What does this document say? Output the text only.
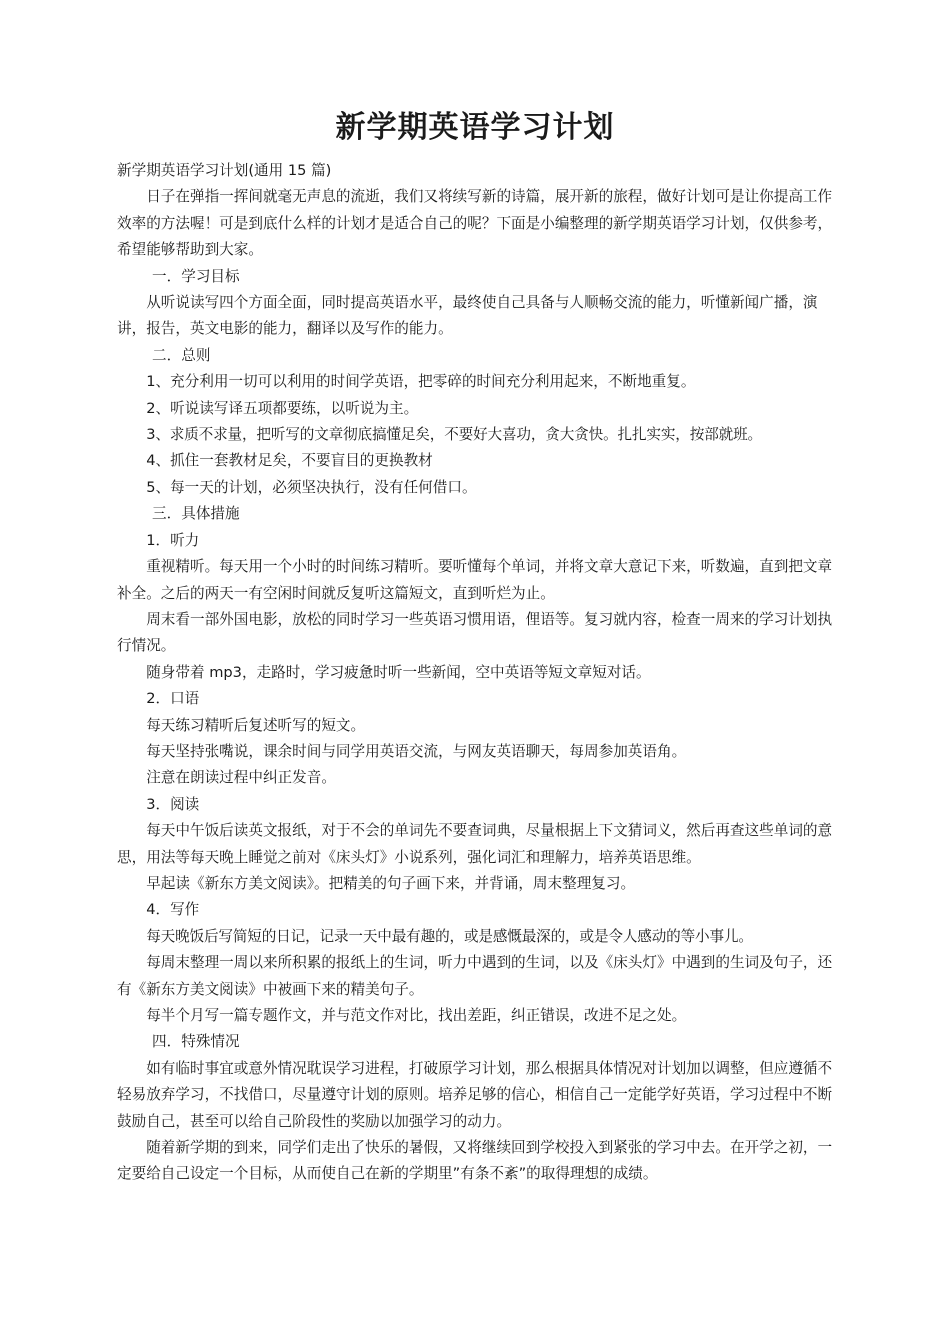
新学期英语学习计划

新学期英语学习计划(通用 15 篇)

日子在弹指一挥间就毫无声息的流逝，我们又将续写新的诗篇，展开新的旅程，做好计划可是让你提高工作效率的方法喔！可是到底什么样的计划才是适合自己的呢？下面是小编整理的新学期英语学习计划，仅供参考，希望能够帮助到大家。

一．学习目标

从听说读写四个方面全面，同时提高英语水平，最终使自己具备与人顺畅交流的能力，听懂新闻广播，演讲，报告，英文电影的能力，翻译以及写作的能力。

二．总则

1、充分利用一切可以利用的时间学英语，把零碎的时间充分利用起来，不断地重复。

2、听说读写译五项都要练，以听说为主。

3、求质不求量，把听写的文章彻底搞懂足矣，不要好大喜功，贪大贪快。扎扎实实，按部就班。

4、抓住一套教材足矣，不要盲目的更换教材

5、每一天的计划，必须坚决执行，没有任何借口。

三．具体措施

1．听力

重视精听。每天用一个小时的时间练习精听。要听懂每个单词，并将文章大意记下来，听数遍，直到把文章补全。之后的两天一有空闲时间就反复听这篇短文，直到听烂为止。

周末看一部外国电影，放松的同时学习一些英语习惯用语，俚语等。复习就内容，检查一周来的学习计划执行情况。

随身带着 mp3，走路时，学习疲惫时听一些新闻，空中英语等短文章短对话。

2．口语

每天练习精听后复述听写的短文。

每天坚持张嘴说，课余时间与同学用英语交流，与网友英语聊天，每周参加英语角。

注意在朗读过程中纠正发音。

3．阅读

每天中午饭后读英文报纸，对于不会的单词先不要查词典，尽量根据上下文猜词义，然后再查这些单词的意思，用法等每天晚上睡觉之前对《床头灯》小说系列，强化词汇和理解力，培养英语思维。

早起读《新东方美文阅读》。把精美的句子画下来，并背诵，周末整理复习。

4．写作

每天晚饭后写简短的日记，记录一天中最有趣的，或是感慨最深的，或是令人感动的等小事儿。

每周末整理一周以来所积累的报纸上的生词，听力中遇到的生词，以及《床头灯》中遇到的生词及句子，还有《新东方美文阅读》中被画下来的精美句子。

每半个月写一篇专题作文，并与范文作对比，找出差距，纠正错误，改进不足之处。

四．特殊情况

如有临时事宜或意外情况耽误学习进程，打破原学习计划，那么根据具体情况对计划加以调整，但应遵循不轻易放弃学习，不找借口，尽量遵守计划的原则。培养足够的信心，相信自己一定能学好英语，学习过程中不断鼓励自己，甚至可以给自己阶段性的奖励以加强学习的动力。

随着新学期的到来，同学们走出了快乐的暑假，又将继续回到学校投入到紧张的学习中去。在开学之初，一定要给自己设定一个目标，从而使自己在新的学期里”有条不紊”的取得理想的成绩。
